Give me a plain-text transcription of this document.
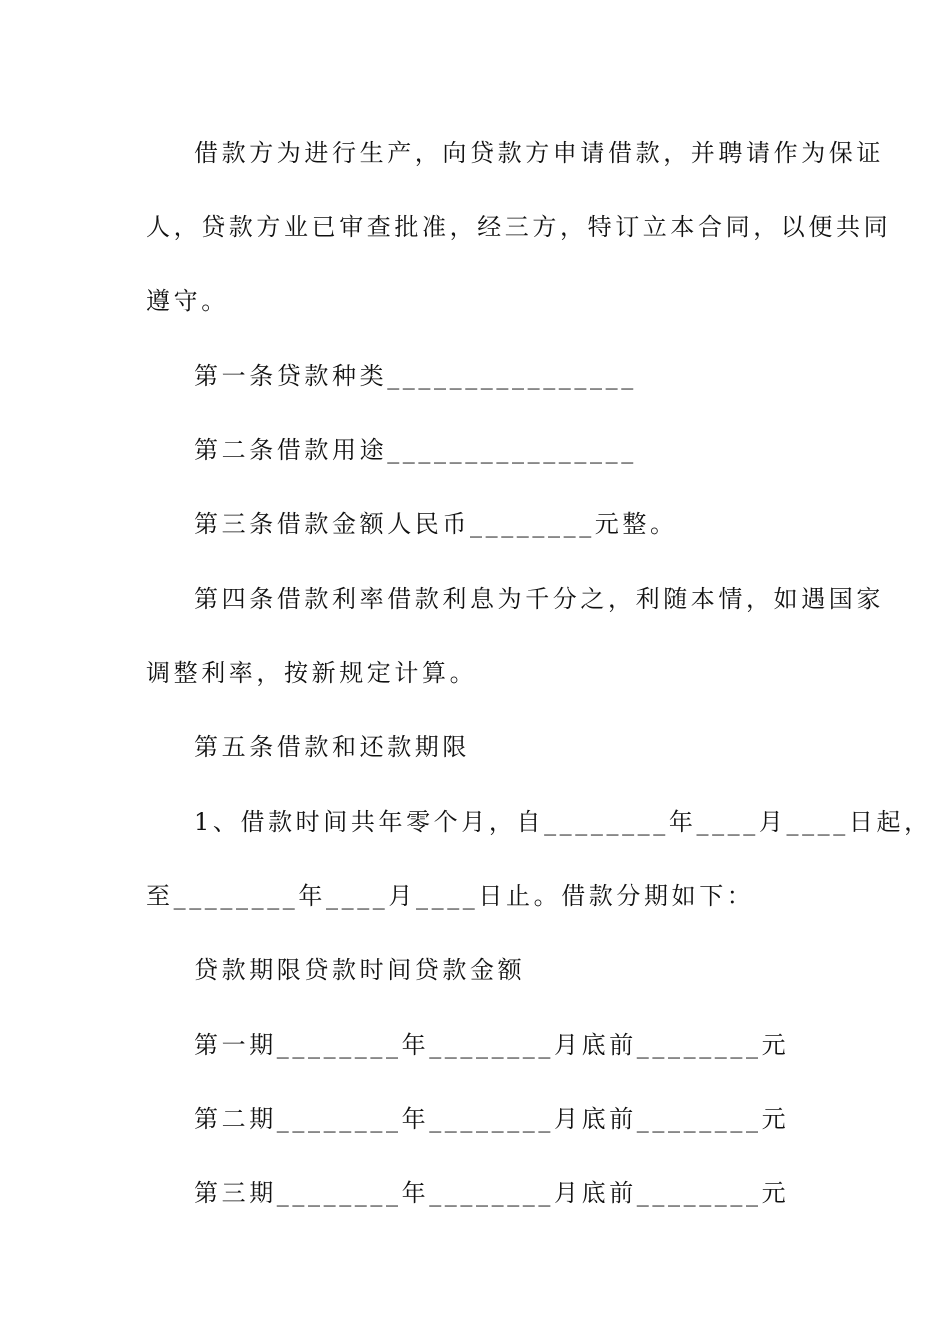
借款方为进行生产，向贷款方申请借款，并聘请作为保证
人，贷款方业已审查批准，经三方，特订立本合同，以便共同
遵守。
第一条贷款种类________________
第二条借款用途________________
第三条借款金额人民币________元整。
第四条借款利率借款利息为千分之，利随本情，如遇国家
调整利率，按新规定计算。
第五条借款和还款期限
1、借款时间共年零个月，自________年____月____日起，
至________年____月____日止。借款分期如下：
贷款期限贷款时间贷款金额
第一期________年________月底前________元
第二期________年________月底前________元
第三期________年________月底前________元
